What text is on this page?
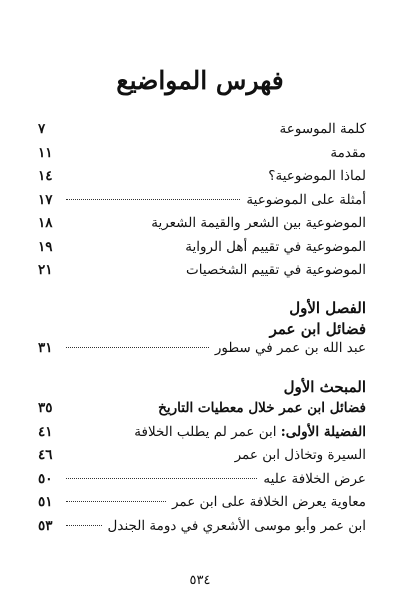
فهرس المواضيع
كلمة الموسوعة
٧
مقدمة
١١
لماذا الموضوعية؟
١٤
أمثلة على الموضوعية
١٧
الموضوعية بين الشعر والقيمة الشعرية
١٨
الموضوعية في تقييم أهل الرواية
١٩
الموضوعية في تقييم الشخصيات
٢١
الفصل الأول
فضائل ابن عمر
عبد الله بن عمر في سطور
٣١
المبحث الأول
فضائل ابن عمر خلال معطيات التاريخ
٣٥
الفضيلة الأولى: ابن عمر لم يطلب الخلافة
٤١
السيرة وتخاذل ابن عمر
٤٦
عرض الخلافة عليه
٥٠
معاوية يعرض الخلافة على ابن عمر
٥١
ابن عمر وأبو موسى الأشعري في دومة الجندل
٥٣
٥٣٤
